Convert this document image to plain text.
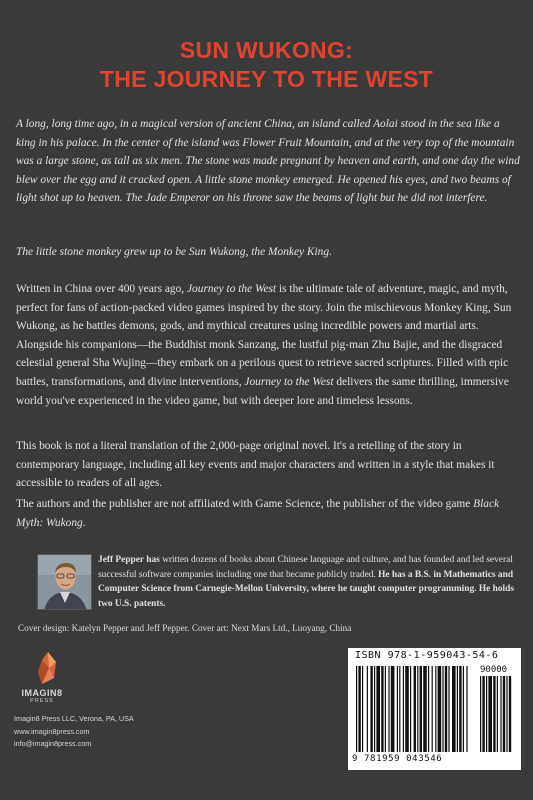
SUN WUKONG:
THE JOURNEY TO THE WEST
A long, long time ago, in a magical version of ancient China, an island called Aolai stood in the sea like a king in his palace. In the center of the island was Flower Fruit Mountain, and at the very top of the mountain was a large stone, as tall as six men. The stone was made pregnant by heaven and earth, and one day the wind blew over the egg and it cracked open. A little stone monkey emerged. He opened his eyes, and two beams of light shot up to heaven. The Jade Emperor on his throne saw the beams of light but he did not interfere.
The little stone monkey grew up to be Sun Wukong, the Monkey King.
Written in China over 400 years ago, Journey to the West is the ultimate tale of adventure, magic, and myth, perfect for fans of action-packed video games inspired by the story. Join the mischievous Monkey King, Sun Wukong, as he battles demons, gods, and mythical creatures using incredible powers and martial arts. Alongside his companions—the Buddhist monk Sanzang, the lustful pig-man Zhu Bajie, and the disgraced celestial general Sha Wujing—they embark on a perilous quest to retrieve sacred scriptures. Filled with epic battles, transformations, and divine interventions, Journey to the West delivers the same thrilling, immersive world you've experienced in the video game, but with deeper lore and timeless lessons.
This book is not a literal translation of the 2,000-page original novel. It's a retelling of the story in contemporary language, including all key events and major characters and written in a style that makes it accessible to readers of all ages.
The authors and the publisher are not affiliated with Game Science, the publisher of the video game Black Myth: Wukong.
Jeff Pepper has written dozens of books about Chinese language and culture, and has founded and led several successful software companies including one that became publicly traded. He has a B.S. in Mathematics and Computer Science from Carnegie-Mellon University, where he taught computer programming. He holds two U.S. patents.
Cover design: Katelyn Pepper and Jeff Pepper. Cover art: Next Mars Ltd., Luoyang, China
IMAGIN8
PRESS
Imagin8 Press LLC, Verona, PA, USA
www.imagin8press.com
info@imagin8press.com
ISBN 978-1-959043-54-6
90000
9 781959 043546
